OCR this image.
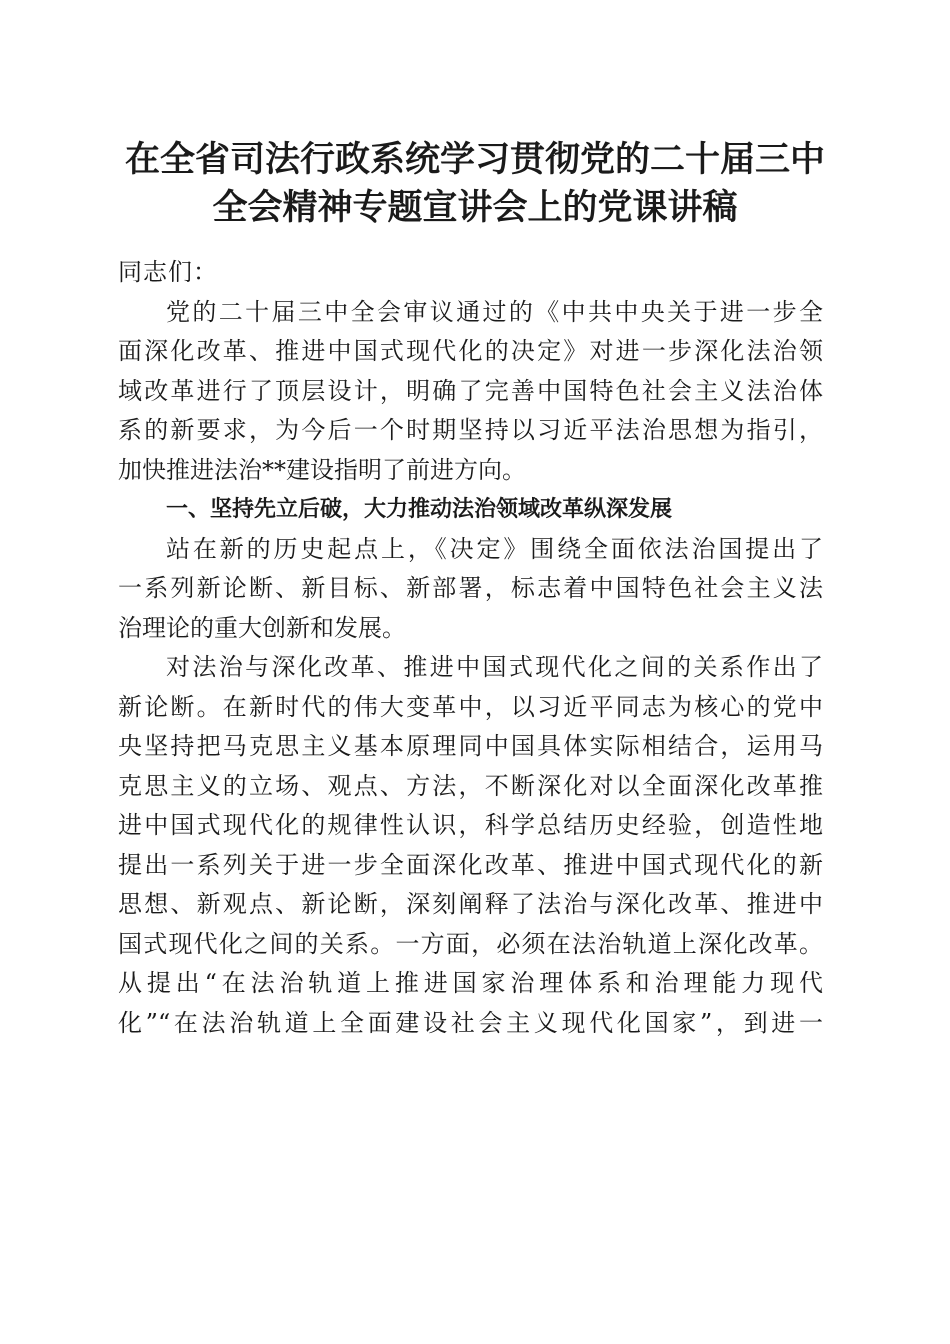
在全省司法行政系统学习贯彻党的二十届三中
全会精神专题宣讲会上的党课讲稿

同志们：

党的二十届三中全会审议通过的《中共中央关于进一步全
面深化改革、推进中国式现代化的决定》对进一步深化法治领
域改革进行了顶层设计，明确了完善中国特色社会主义法治体
系的新要求，为今后一个时期坚持以习近平法治思想为指引，
加快推进法治**建设指明了前进方向。

一、坚持先立后破，大力推动法治领域改革纵深发展

站在新的历史起点上，《决定》围绕全面依法治国提出了
一系列新论断、新目标、新部署，标志着中国特色社会主义法
治理论的重大创新和发展。

对法治与深化改革、推进中国式现代化之间的关系作出了
新论断。在新时代的伟大变革中，以习近平同志为核心的党中
央坚持把马克思主义基本原理同中国具体实际相结合，运用马
克思主义的立场、观点、方法，不断深化对以全面深化改革推
进中国式现代化的规律性认识，科学总结历史经验，创造性地
提出一系列关于进一步全面深化改革、推进中国式现代化的新
思想、新观点、新论断，深刻阐释了法治与深化改革、推进中
国式现代化之间的关系。一方面，必须在法治轨道上深化改革。
从提出“在法治轨道上推进国家治理体系和治理能力现代
化”“在法治轨道上全面建设社会主义现代化国家”，到进一
